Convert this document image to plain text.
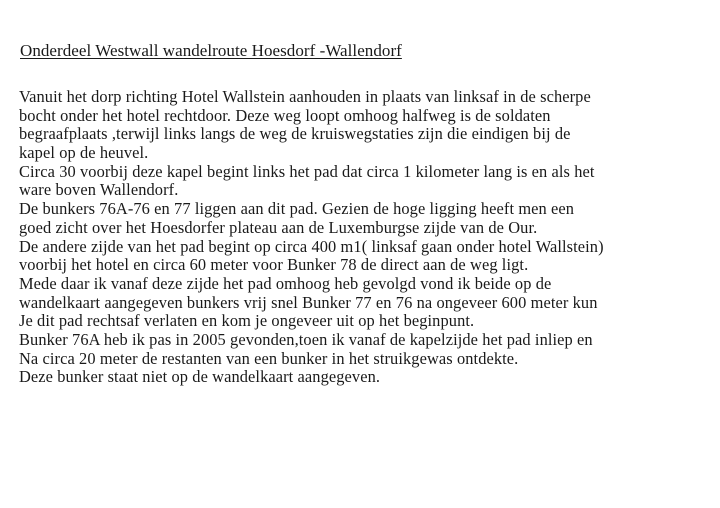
Onderdeel Westwall wandelroute Hoesdorf -Wallendorf
Vanuit het dorp richting Hotel Wallstein aanhouden in plaats van linksaf in de scherpe
bocht onder het hotel rechtdoor. Deze weg loopt omhoog halfweg is de soldaten
begraafplaats ,terwijl links langs de weg de kruiswegstaties zijn die eindigen bij de
kapel op de heuvel.
Circa 30 voorbij deze kapel begint links het pad dat circa 1 kilometer lang is en als het
ware boven Wallendorf.
De bunkers 76A-76 en 77 liggen aan dit pad. Gezien de hoge ligging heeft men een
goed zicht over het Hoesdorfer plateau aan de Luxemburgse zijde van de Our.
De andere zijde van het pad begint op circa 400 m1( linksaf gaan onder hotel Wallstein)
voorbij het hotel en circa 60 meter voor Bunker 78 de direct aan de weg ligt.
Mede daar ik vanaf deze zijde het pad omhoog heb gevolgd vond ik beide op de
wandelkaart aangegeven bunkers vrij snel Bunker 77 en 76 na ongeveer 600 meter kun
Je dit pad rechtsaf verlaten en kom je ongeveer uit op het beginpunt.
Bunker 76A heb ik pas in 2005 gevonden,toen ik vanaf de kapelzijde het pad inliep en
Na circa 20 meter de restanten van een bunker in het struikgewas ontdekte.
Deze bunker staat niet op de wandelkaart aangegeven.
